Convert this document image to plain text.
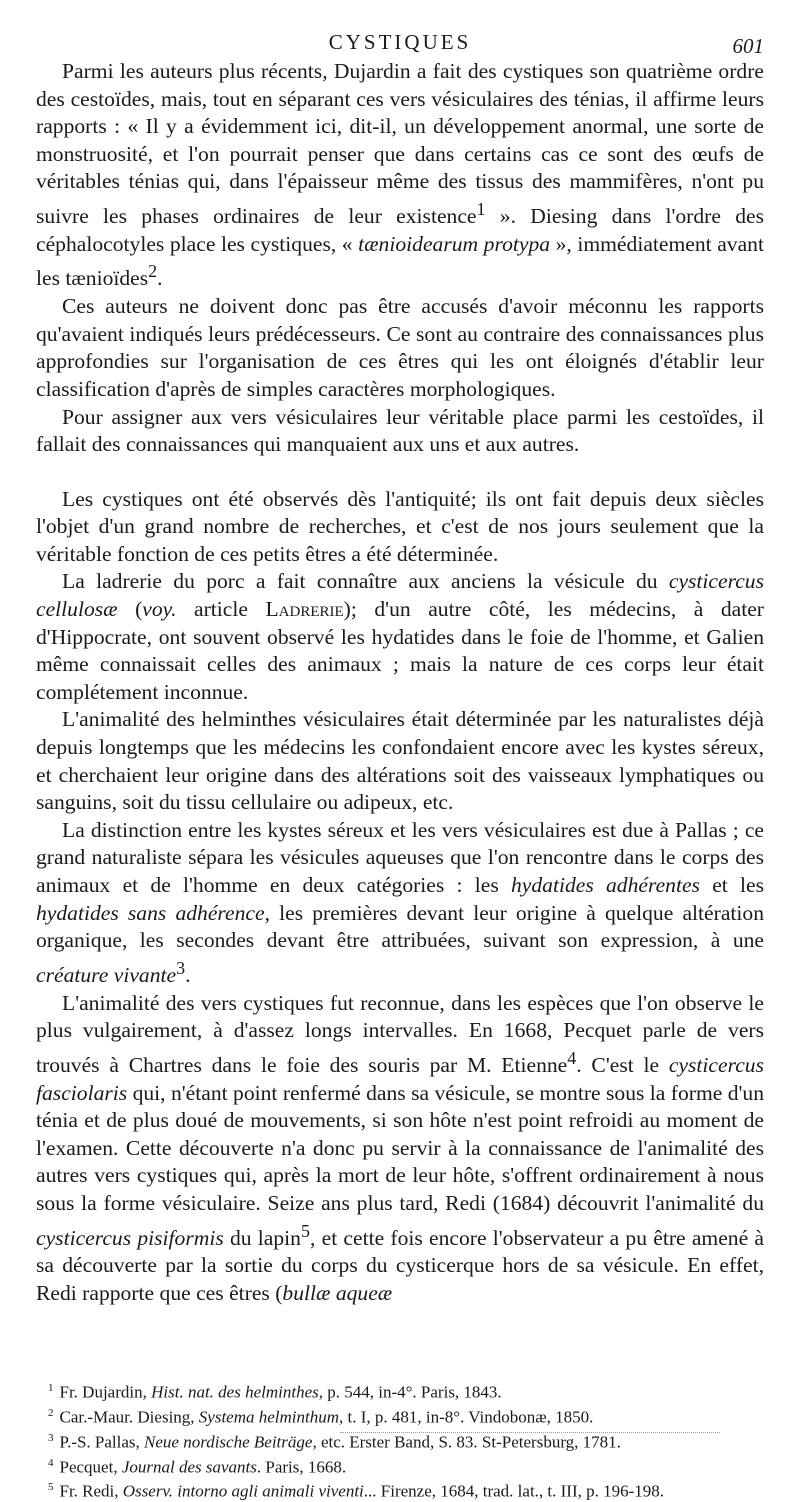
CYSTIQUES	601

Parmi les auteurs plus récents, Dujardin a fait des cystiques son quatrième ordre des cestoïdes, mais, tout en séparant ces vers vésiculaires des ténias, il affirme leurs rapports : « Il y a évidemment ici, dit-il, un développement anormal, une sorte de monstruosité, et l'on pourrait penser que dans certains cas ce sont des œufs de véritables ténias qui, dans l'épaisseur même des tissus des mammifères, n'ont pu suivre les phases ordinaires de leur existence$^1$ ». Diesing dans l'ordre des céphalocotyles place les cystiques, « tænioidearum protypa », immédiatement avant les tænioïdes$^2$.

Ces auteurs ne doivent donc pas être accusés d'avoir méconnu les rapports qu'avaient indiqués leurs prédécesseurs. Ce sont au contraire des connaissances plus approfondies sur l'organisation de ces êtres qui les ont éloignés d'établir leur classification d'après de simples caractères morphologiques.

Pour assigner aux vers vésiculaires leur véritable place parmi les cestoïdes, il fallait des connaissances qui manquaient aux uns et aux autres.

Les cystiques ont été observés dès l'antiquité; ils ont fait depuis deux siècles l'objet d'un grand nombre de recherches, et c'est de nos jours seulement que la véritable fonction de ces petits êtres a été déterminée.

La ladrerie du porc a fait connaître aux anciens la vésicule du cysticercus cellulosæ (voy. article Ladrerie); d'un autre côté, les médecins, à dater d'Hippocrate, ont souvent observé les hydatides dans le foie de l'homme, et Galien même connaissait celles des animaux ; mais la nature de ces corps leur était complétement inconnue.

L'animalité des helminthes vésiculaires était déterminée par les naturalistes déjà depuis longtemps que les médecins les confondaient encore avec les kystes séreux, et cherchaient leur origine dans des altérations soit des vaisseaux lymphatiques ou sanguins, soit du tissu cellulaire ou adipeux, etc.

La distinction entre les kystes séreux et les vers vésiculaires est due à Pallas ; ce grand naturaliste sépara les vésicules aqueuses que l'on rencontre dans le corps des animaux et de l'homme en deux catégories : les hydatides adhérentes et les hydatides sans adhérence, les premières devant leur origine à quelque altération organique, les secondes devant être attribuées, suivant son expression, à une créature vivante$^3$.

L'animalité des vers cystiques fut reconnue, dans les espèces que l'on observe le plus vulgairement, à d'assez longs intervalles. En 1668, Pecquet parle de vers trouvés à Chartres dans le foie des souris par M. Etienne$^4$. C'est le cysticercus fasciolaris qui, n'étant point renfermé dans sa vésicule, se montre sous la forme d'un ténia et de plus doué de mouvements, si son hôte n'est point refroidi au moment de l'examen. Cette découverte n'a donc pu servir à la connaissance de l'animalité des autres vers cystiques qui, après la mort de leur hôte, s'offrent ordinairement à nous sous la forme vésiculaire. Seize ans plus tard, Redi (1684) découvrit l'animalité du cysticercus pisiformis du lapin$^5$, et cette fois encore l'observateur a pu être amené à sa découverte par la sortie du corps du cysticerque hors de sa vésicule. En effet, Redi rapporte que ces êtres (bullæ aqueæ

$^1$ Fr. Dujardin, Hist. nat. des helminthes, p. 544, in-4°. Paris, 1843.
$^2$ Car.-Maur. Diesing, Systema helminthum, t. I, p. 481, in-8°. Vindobonæ, 1850.
$^3$ P.-S. Pallas, Neue nordische Beiträge, etc. Erster Band, S. 83. St-Petersburg, 1781.
$^4$ Pecquet, Journal des savants. Paris, 1668.
$^5$ Fr. Redi, Osserv. intorno agli animali viventi... Firenze, 1684, trad. lat., t. III, p. 196-198.
